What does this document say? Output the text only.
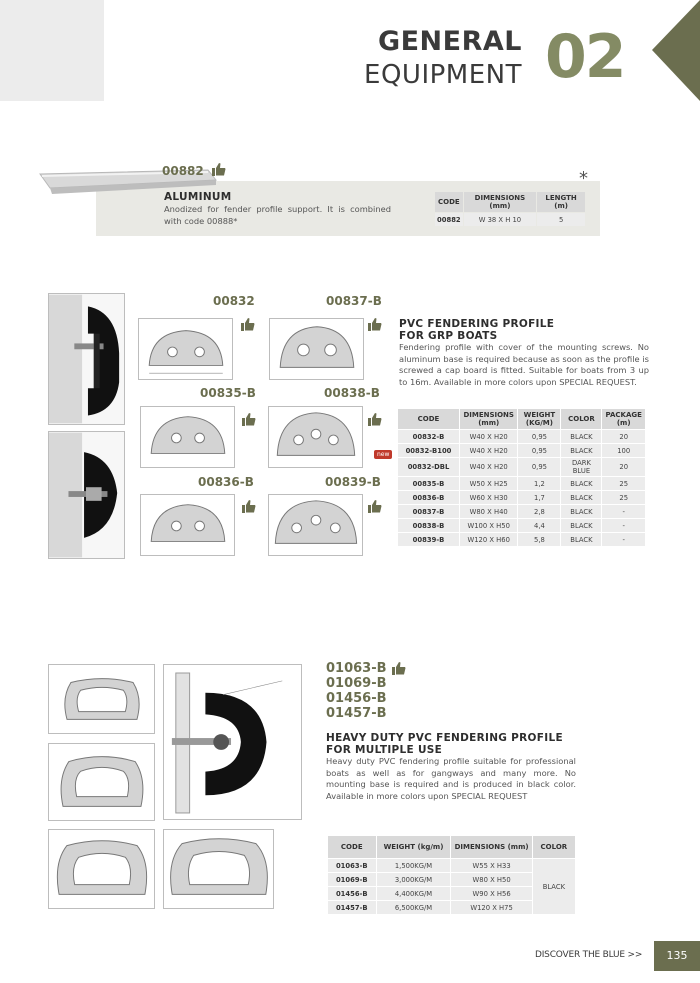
GENERAL
EQUIPMENT 02
00882	*
ALUMINUM
Anodized for fender profile support. It is combined with code 00888*
CODE	DIMENSIONS (mm)	LENGTH (m)
00882	W 38 X H 10	5
00832	00837-B
00835-B	00838-B
00836-B	00839-B
PVC FENDERING PROFILE
FOR GRP BOATS
Fendering profile with cover of the mounting screws. No aluminum base is required because as soon as the profile is screwed a cap board is fitted. Suitable for boats from 3 up to 16m. Available in more colors upon SPECIAL REQUEST.
new
CODE	DIMENSIONS (mm)	WEIGHT (KG/M)	COLOR	PACKAGE (m)
00832-B	W40 X H20	0,95	BLACK	20
00832-B100	W40 X H20	0,95	BLACK	100
00832-DBL	W40 X H20	0,95	DARK BLUE	20
00835-B	W50 X H25	1,2	BLACK	25
00836-B	W60 X H30	1,7	BLACK	25
00837-B	W80 X H40	2,8	BLACK	-
00838-B	W100 X H50	4,4	BLACK	-
00839-B	W120 X H60	5,8	BLACK	-
01063-B
01069-B
01456-B
01457-B
HEAVY DUTY PVC FENDERING PROFILE
FOR MULTIPLE USE
Heavy duty PVC fendering profile suitable for professional boats as well as for gangways and many more. No mounting base is required and is produced in black color. Available in more colors upon SPECIAL REQUEST
CODE	WEIGHT (kg/m)	DIMENSIONS (mm)	COLOR
01063-B	1,500KG/M	W55 X H33	BLACK
01069-B	3,000KG/M	W80 X H50	
01456-B	4,400KG/M	W90 X H56	
01457-B	6,500KG/M	W120 X H75	
DISCOVER THE BLUE >>	135
